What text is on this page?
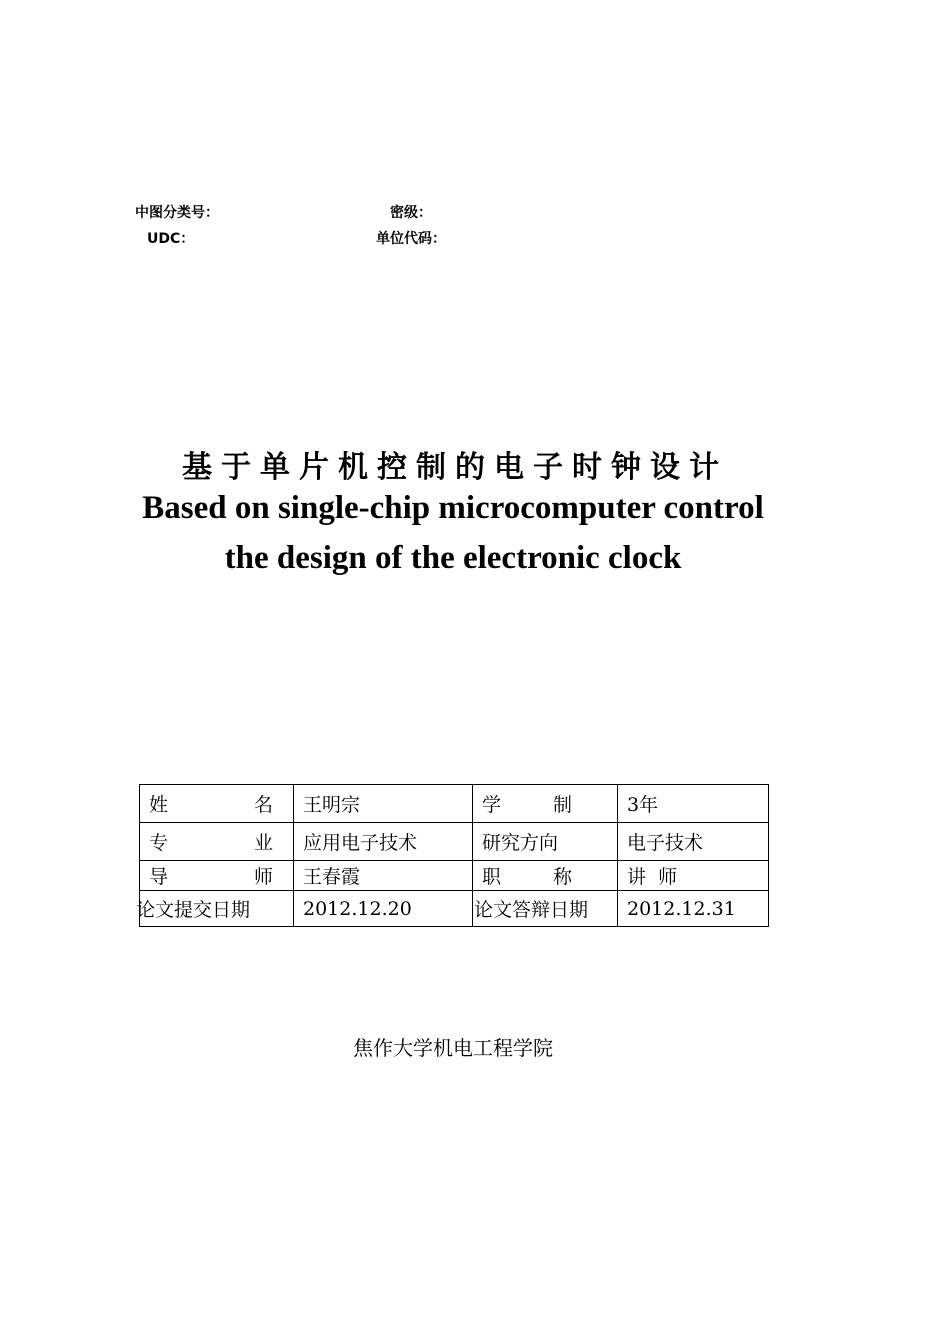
中图分类号：	密级：
UDC：	单位代码：
基于单片机控制的电子时钟设计
Based on single-chip microcomputer control
the design of the electronic clock
姓 名	王明宗	学 制	3年

专 业	应用电子技术	研究方向	电子技术

导 师	王春霞	职 称	讲  师

论文提交日期	2012.12.20	论文答辩日期	2012.12.31
焦作大学机电工程学院
